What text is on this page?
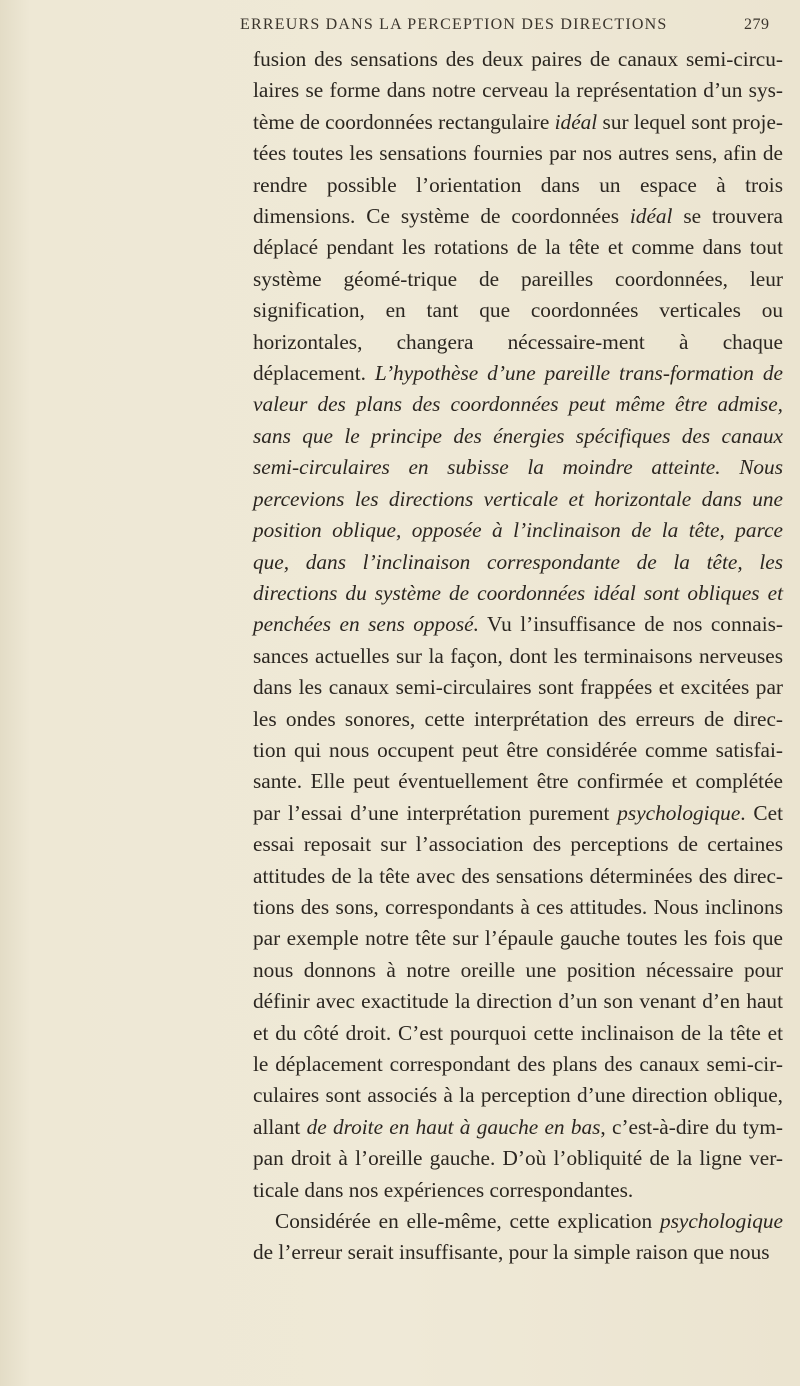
ERREURS DANS LA PERCEPTION DES DIRECTIONS	279

fusion des sensations des deux paires de canaux semi-circu-laires se forme dans notre cerveau la représentation d’un sys-tème de coordonnées rectangulaire idéal sur lequel sont proje-tées toutes les sensations fournies par nos autres sens, afin de rendre possible l’orientation dans un espace à trois dimensions. Ce système de coordonnées idéal se trouvera déplacé pendant les rotations de la tête et comme dans tout système géomé-trique de pareilles coordonnées, leur signification, en tant que coordonnées verticales ou horizontales, changera nécessaire-ment à chaque déplacement. L’hypothèse d’une pareille trans-formation de valeur des plans des coordonnées peut même être admise, sans que le principe des énergies spécifiques des canaux semi-circulaires en subisse la moindre atteinte. Nous percevions les directions verticale et horizontale dans une position oblique, opposée à l’inclinaison de la tête, parce que, dans l’inclinaison correspondante de la tête, les directions du système de coordonnées idéal sont obliques et penchées en sens opposé. Vu l’insuffisance de nos connais-sances actuelles sur la façon, dont les terminaisons nerveuses dans les canaux semi-circulaires sont frappées et excitées par les ondes sonores, cette interprétation des erreurs de direc-tion qui nous occupent peut être considérée comme satisfai-sante. Elle peut éventuellement être confirmée et complétée par l’essai d’une interprétation purement psychologique. Cet essai reposait sur l’association des perceptions de certaines attitudes de la tête avec des sensations déterminées des direc-tions des sons, correspondants à ces attitudes. Nous inclinons par exemple notre tête sur l’épaule gauche toutes les fois que nous donnons à notre oreille une position nécessaire pour définir avec exactitude la direction d’un son venant d’en haut et du côté droit. C’est pourquoi cette inclinaison de la tête et le déplacement correspondant des plans des canaux semi-cir-culaires sont associés à la perception d’une direction oblique, allant de droite en haut à gauche en bas, c’est-à-dire du tym-pan droit à l’oreille gauche. D’où l’obliquité de la ligne ver-ticale dans nos expériences correspondantes.

Considérée en elle-même, cette explication psychologique de l’erreur serait insuffisante, pour la simple raison que nous
